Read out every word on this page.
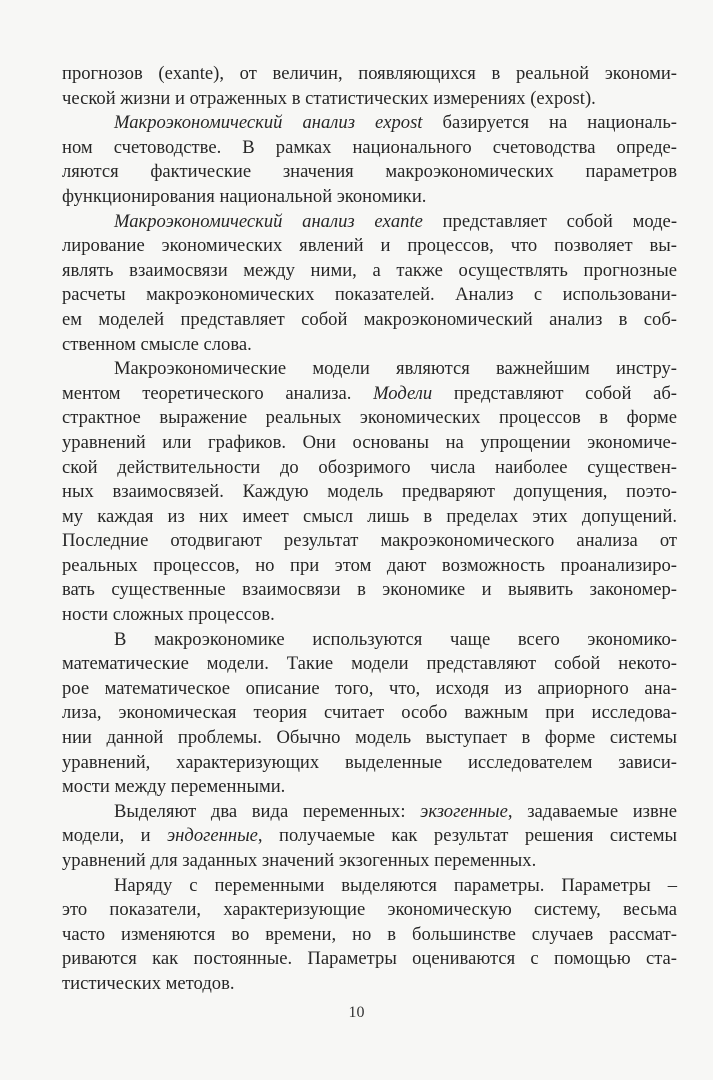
прогнозов (exante), от величин, появляющихся в реальной экономи-
ческой жизни и отраженных в статистических измерениях (expost).
Макроэкономический анализ expost базируется на националь-
ном счетоводстве. В рамках национального счетоводства опреде-
ляются фактические значения макроэкономических параметров
функционирования национальной экономики.
Макроэкономический анализ exante представляет собой моде-
лирование экономических явлений и процессов, что позволяет вы-
являть взаимосвязи между ними, а также осуществлять прогнозные
расчеты макроэкономических показателей. Анализ с использовани-
ем моделей представляет собой макроэкономический анализ в соб-
ственном смысле слова.
Макроэкономические модели являются важнейшим инстру-
ментом теоретического анализа. Модели представляют собой аб-
страктное выражение реальных экономических процессов в форме
уравнений или графиков. Они основаны на упрощении экономиче-
ской действительности до обозримого числа наиболее существен-
ных взаимосвязей. Каждую модель предваряют допущения, поэто-
му каждая из них имеет смысл лишь в пределах этих допущений.
Последние отодвигают результат макроэкономического анализа от
реальных процессов, но при этом дают возможность проанализиро-
вать существенные взаимосвязи в экономике и выявить закономер-
ности сложных процессов.
В макроэкономике используются чаще всего экономико-
математические модели. Такие модели представляют собой некото-
рое математическое описание того, что, исходя из априорного ана-
лиза, экономическая теория считает особо важным при исследова-
нии данной проблемы. Обычно модель выступает в форме системы
уравнений, характеризующих выделенные исследователем зависи-
мости между переменными.
Выделяют два вида переменных: экзогенные, задаваемые извне
модели, и эндогенные, получаемые как результат решения системы
уравнений для заданных значений экзогенных переменных.
Наряду с переменными выделяются параметры. Параметры –
это показатели, характеризующие экономическую систему, весьма
часто изменяются во времени, но в большинстве случаев рассмат-
риваются как постоянные. Параметры оцениваются с помощью ста-
тистических методов.
10
